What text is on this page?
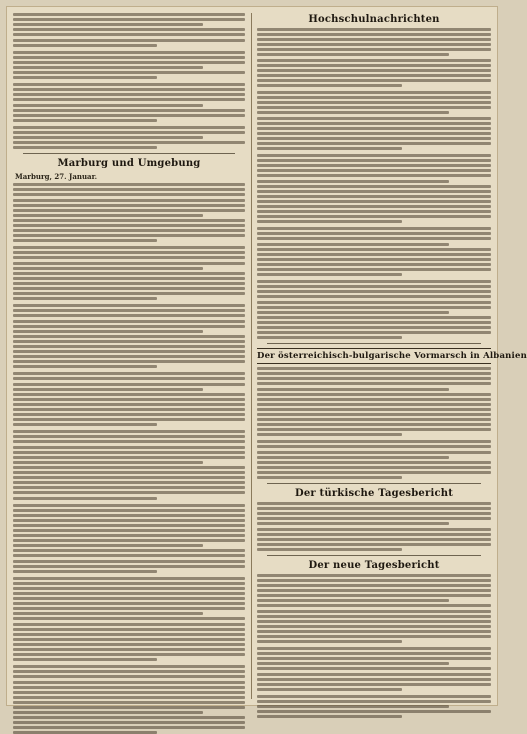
Marburg und Umgebung
Marburg, 27. Januar.
Hochschulnachrichten
Der österreichisch-bulgarische Vormarsch in Albanien
Der türkische Tagesbericht
Der neue Tagesbericht
